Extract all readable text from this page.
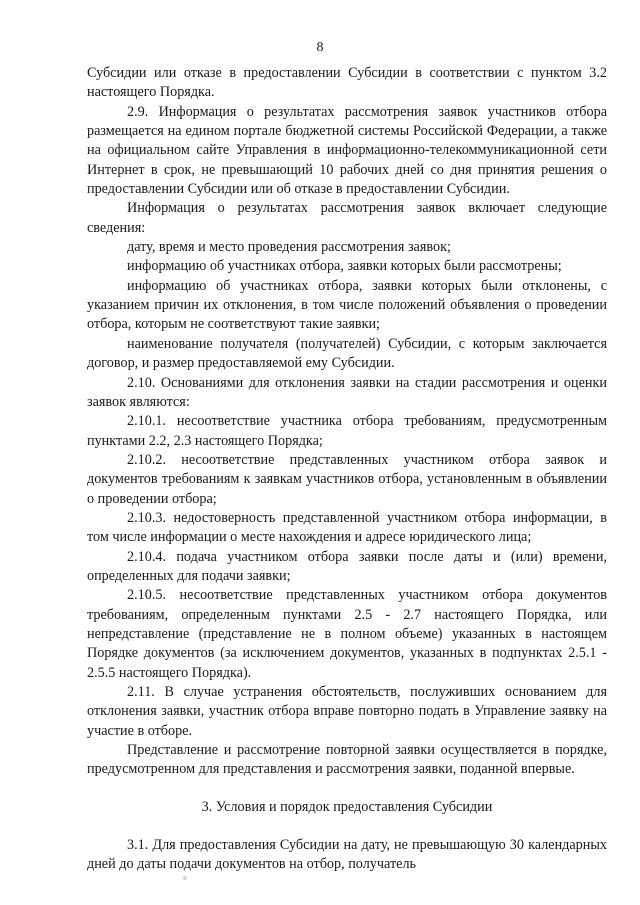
8

Субсидии или отказе в предоставлении Субсидии в соответствии с пунктом 3.2 настоящего Порядка.

2.9. Информация о результатах рассмотрения заявок участников отбора размещается на едином портале бюджетной системы Российской Федерации, а также на официальном сайте Управления в информационно-телекоммуникационной сети Интернет в срок, не превышающий 10 рабочих дней со дня принятия решения о предоставлении Субсидии или об отказе в предоставлении Субсидии.

Информация о результатах рассмотрения заявок включает следующие сведения:

дату, время и место проведения рассмотрения заявок;

информацию об участниках отбора, заявки которых были рассмотрены;

информацию об участниках отбора, заявки которых были отклонены, с указанием причин их отклонения, в том числе положений объявления о проведении отбора, которым не соответствуют такие заявки;

наименование получателя (получателей) Субсидии, с которым заключается договор, и размер предоставляемой ему Субсидии.

2.10. Основаниями для отклонения заявки на стадии рассмотрения и оценки заявок являются:

2.10.1. несоответствие участника отбора требованиям, предусмотренным пунктами 2.2, 2.3 настоящего Порядка;

2.10.2. несоответствие представленных участником отбора заявок и документов требованиям к заявкам участников отбора, установленным в объявлении о проведении отбора;

2.10.3. недостоверность представленной участником отбора информации, в том числе информации о месте нахождения и адресе юридического лица;

2.10.4. подача участником отбора заявки после даты и (или) времени, определенных для подачи заявки;

2.10.5. несоответствие представленных участником отбора документов требованиям, определенным пунктами 2.5 - 2.7 настоящего Порядка, или непредставление (представление не в полном объеме) указанных в настоящем Порядке документов (за исключением документов, указанных в подпунктах 2.5.1 - 2.5.5 настоящего Порядка).

2.11. В случае устранения обстоятельств, послуживших основанием для отклонения заявки, участник отбора вправе повторно подать в Управление заявку на участие в отборе.

Представление и рассмотрение повторной заявки осуществляется в порядке, предусмотренном для представления и рассмотрения заявки, поданной впервые.

3. Условия и порядок предоставления Субсидии

3.1. Для предоставления Субсидии на дату, не превышающую 30 календарных дней до даты подачи документов на отбор, получатель
